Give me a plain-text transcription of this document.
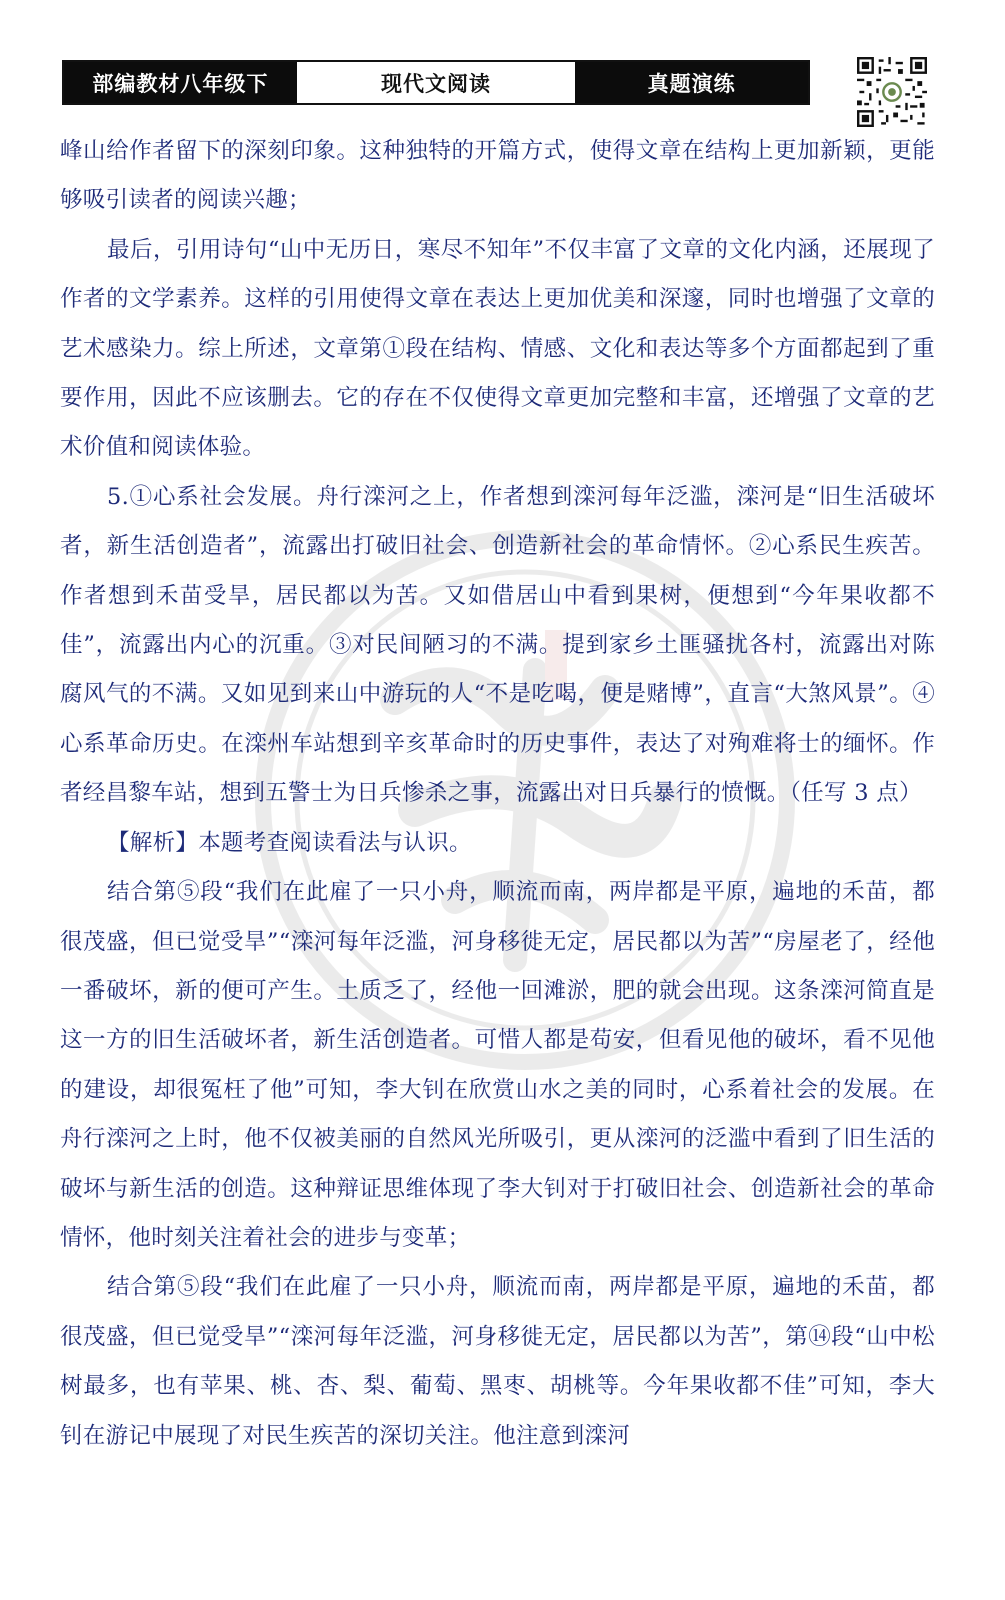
部编教材八年级下	现代文阅读	真题演练

峰山给作者留下的深刻印象。这种独特的开篇方式，使得文章在结构上更加新颖，更能够吸引读者的阅读兴趣；

最后，引用诗句“山中无历日，寒尽不知年”不仅丰富了文章的文化内涵，还展现了作者的文学素养。这样的引用使得文章在表达上更加优美和深邃，同时也增强了文章的艺术感染力。综上所述，文章第①段在结构、情感、文化和表达等多个方面都起到了重要作用，因此不应该删去。它的存在不仅使得文章更加完整和丰富，还增强了文章的艺术价值和阅读体验。

5.①心系社会发展。舟行滦河之上，作者想到滦河每年泛滥，滦河是“旧生活破坏者，新生活创造者”，流露出打破旧社会、创造新社会的革命情怀。②心系民生疾苦。作者想到禾苗受旱，居民都以为苦。又如借居山中看到果树，便想到“今年果收都不佳”，流露出内心的沉重。③对民间陋习的不满。提到家乡土匪骚扰各村，流露出对陈腐风气的不满。又如见到来山中游玩的人“不是吃喝，便是赌博”，直言“大煞风景”。④心系革命历史。在滦州车站想到辛亥革命时的历史事件，表达了对殉难将士的缅怀。作者经昌黎车站，想到五警士为日兵惨杀之事，流露出对日兵暴行的愤慨。（任写 3 点）

【解析】本题考查阅读看法与认识。

结合第⑤段“我们在此雇了一只小舟，顺流而南，两岸都是平原，遍地的禾苗，都很茂盛，但已觉受旱”“滦河每年泛滥，河身移徙无定，居民都以为苦”“房屋老了，经他一番破坏，新的便可产生。土质乏了，经他一回滩淤，肥的就会出现。这条滦河简直是这一方的旧生活破坏者，新生活创造者。可惜人都是苟安，但看见他的破坏，看不见他的建设，却很冤枉了他”可知，李大钊在欣赏山水之美的同时，心系着社会的发展。在舟行滦河之上时，他不仅被美丽的自然风光所吸引，更从滦河的泛滥中看到了旧生活的破坏与新生活的创造。这种辩证思维体现了李大钊对于打破旧社会、创造新社会的革命情怀，他时刻关注着社会的进步与变革；

结合第⑤段“我们在此雇了一只小舟，顺流而南，两岸都是平原，遍地的禾苗，都很茂盛，但已觉受旱”“滦河每年泛滥，河身移徙无定，居民都以为苦”，第⑭段“山中松树最多，也有苹果、桃、杏、梨、葡萄、黑枣、胡桃等。今年果收都不佳”可知，李大钊在游记中展现了对民生疾苦的深切关注。他注意到滦河
